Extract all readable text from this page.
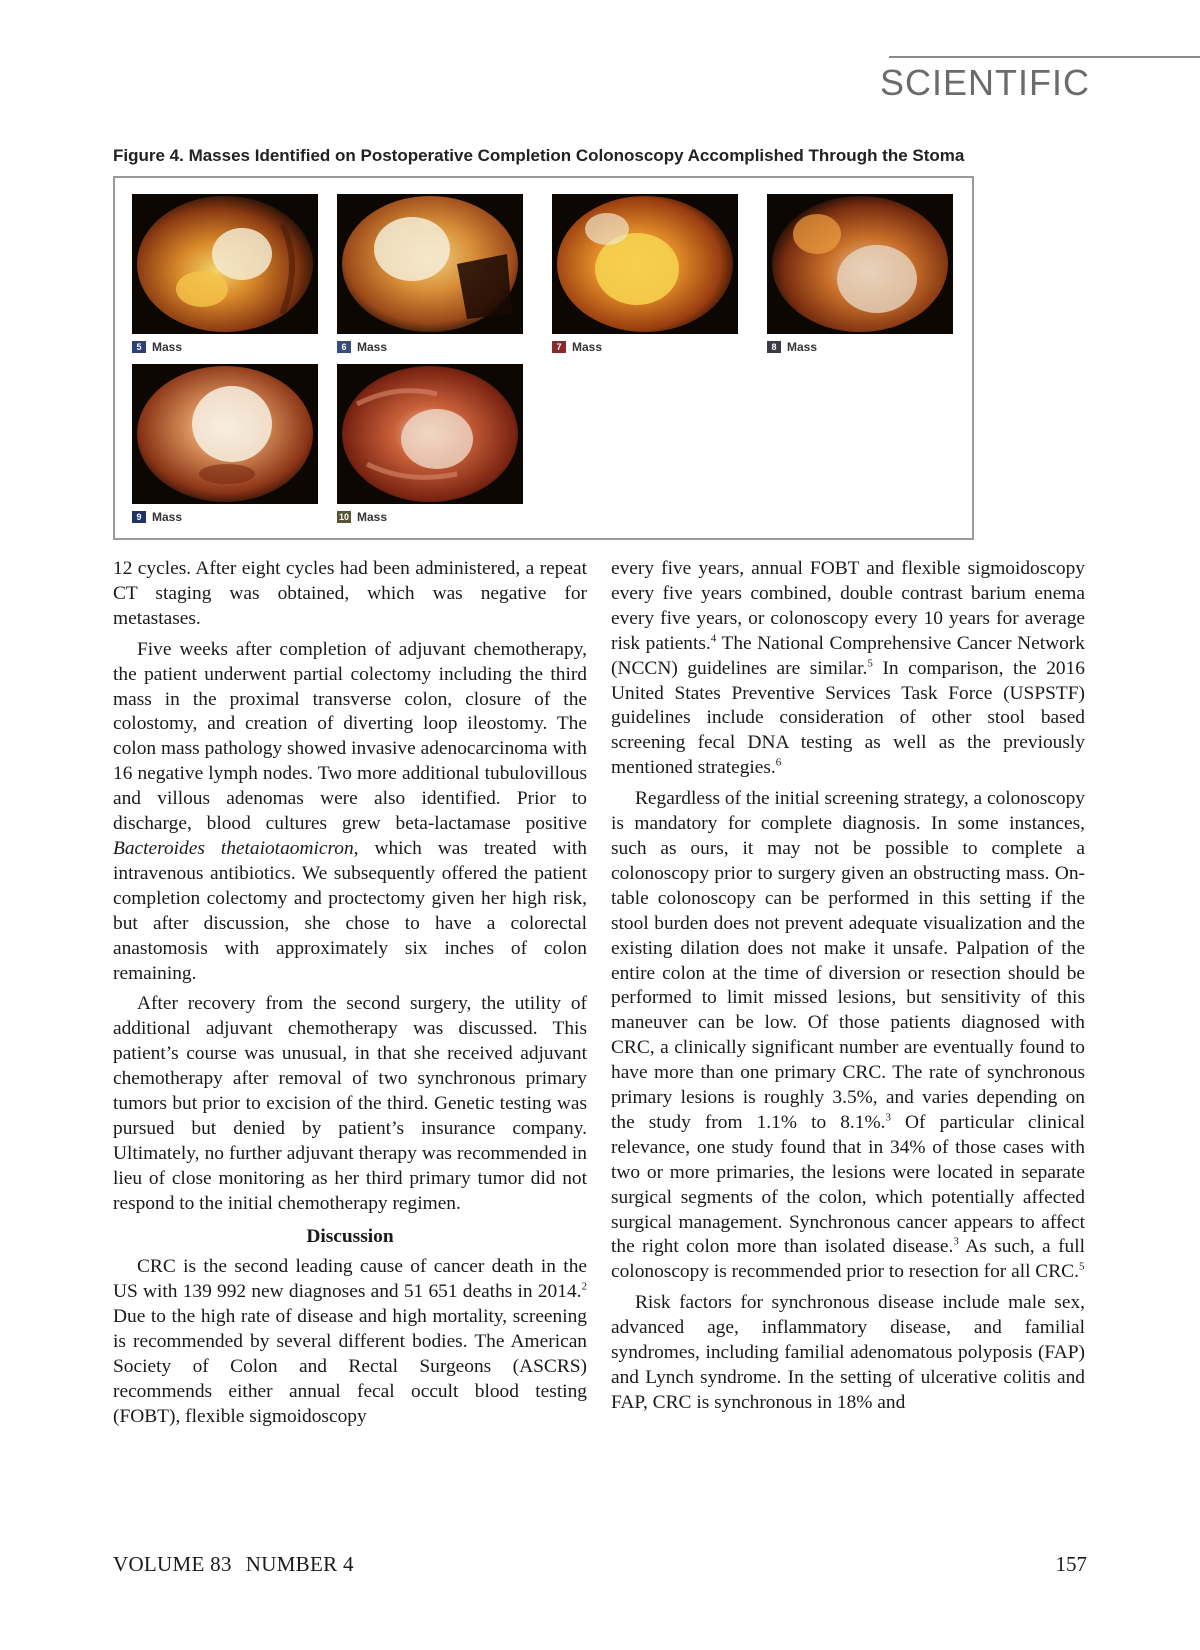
SCIENTIFIC
Figure 4. Masses Identified on Postoperative Completion Colonoscopy Accomplished Through the Stoma
5 Mass	6 Mass	7 Mass	8 Mass
9 Mass	10 Mass

12 cycles. After eight cycles had been administered, a repeat CT staging was obtained, which was negative for metastases.

Five weeks after completion of adjuvant chemotherapy, the patient underwent partial colectomy including the third mass in the proximal transverse colon, closure of the colostomy, and creation of diverting loop ileostomy. The colon mass pathology showed invasive adenocarcinoma with 16 negative lymph nodes. Two more additional tubulovillous and villous adenomas were also identified. Prior to discharge, blood cultures grew beta-lactamase positive Bacteroides thetaiotaomicron, which was treated with intravenous antibiotics. We subsequently offered the patient completion colectomy and proctectomy given her high risk, but after discussion, she chose to have a colorectal anastomosis with approximately six inches of colon remaining.

After recovery from the second surgery, the utility of additional adjuvant chemotherapy was discussed. This patient’s course was unusual, in that she received adjuvant chemotherapy after removal of two synchronous primary tumors but prior to excision of the third. Genetic testing was pursued but denied by patient’s insurance company. Ultimately, no further adjuvant therapy was recommended in lieu of close monitoring as her third primary tumor did not respond to the initial chemotherapy regimen.

Discussion

CRC is the second leading cause of cancer death in the US with 139 992 new diagnoses and 51 651 deaths in 2014.$^2$ Due to the high rate of disease and high mortality, screening is recommended by several different bodies. The American Society of Colon and Rectal Surgeons (ASCRS) recommends either annual fecal occult blood testing (FOBT), flexible sigmoidoscopy

every five years, annual FOBT and flexible sigmoidoscopy every five years combined, double contrast barium enema every five years, or colonoscopy every 10 years for average risk patients.$^4$ The National Comprehensive Cancer Network (NCCN) guidelines are similar.$^5$ In comparison, the 2016 United States Preventive Services Task Force (USPSTF) guidelines include consideration of other stool based screening fecal DNA testing as well as the previously mentioned strategies.$^6$

Regardless of the initial screening strategy, a colonoscopy is mandatory for complete diagnosis. In some instances, such as ours, it may not be possible to complete a colonoscopy prior to surgery given an obstructing mass. On-table colonoscopy can be performed in this setting if the stool burden does not prevent adequate visualization and the existing dilation does not make it unsafe. Palpation of the entire colon at the time of diversion or resection should be performed to limit missed lesions, but sensitivity of this maneuver can be low. Of those patients diagnosed with CRC, a clinically significant number are eventually found to have more than one primary CRC. The rate of synchronous primary lesions is roughly 3.5%, and varies depending on the study from 1.1% to 8.1%.$^3$ Of particular clinical relevance, one study found that in 34% of those cases with two or more primaries, the lesions were located in separate surgical segments of the colon, which potentially affected surgical management. Synchronous cancer appears to affect the right colon more than isolated disease.$^3$ As such, a full colonoscopy is recommended prior to resection for all CRC.$^5$

Risk factors for synchronous disease include male sex, advanced age, inflammatory disease, and familial syndromes, including familial adenomatous polyposis (FAP) and Lynch syndrome. In the setting of ulcerative colitis and FAP, CRC is synchronous in 18% and

VOLUME 83 NUMBER 4	157
